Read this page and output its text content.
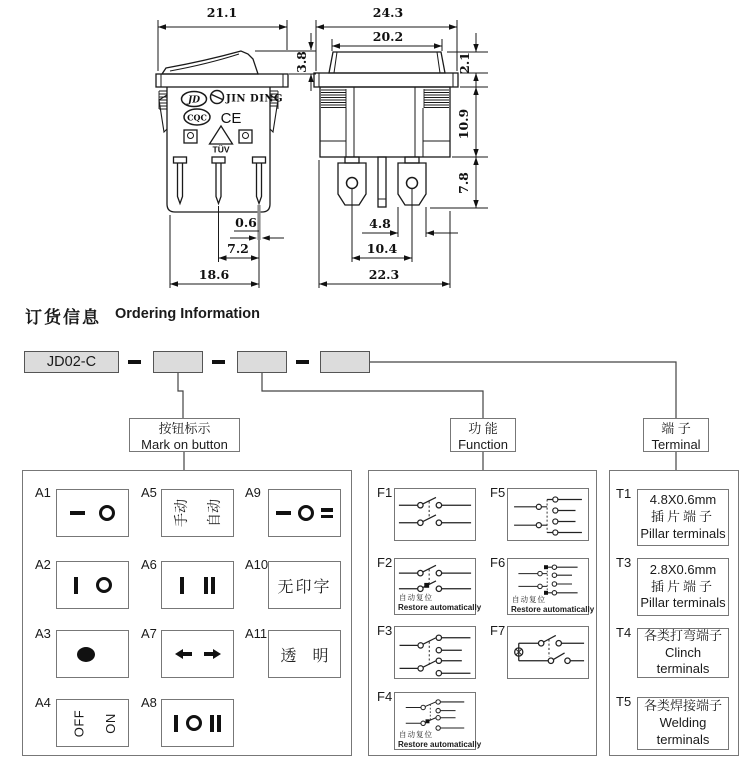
21.1
3.8
JD	JIN DING
CQC CE
TÜV
0.6
7.2
18.6
24.3
20.2
2.1
10.9
7.8
4.8
10.4
22.3
订货信息 Ordering Information
JD02-C
按钮标示
Mark on button
功 能
Function
端 子
Terminal
A1	A5
手动 自动
A9
A2	A6	A10
无印字
A3	A7	A11
透　明
A4
OFF ON
A8
F1	F5
F2
自动复位
Restore automatically
F6
自动复位
Restore automatically
F3	F7
F4
自动复位
Restore automatically
T1 4.8X0.6mm
插片端子
Pillar terminals
T3 2.8X0.6mm
插片端子
Pillar terminals
T4 各类打弯端子
Clinch terminals
T5 各类焊接端子
Welding terminals
